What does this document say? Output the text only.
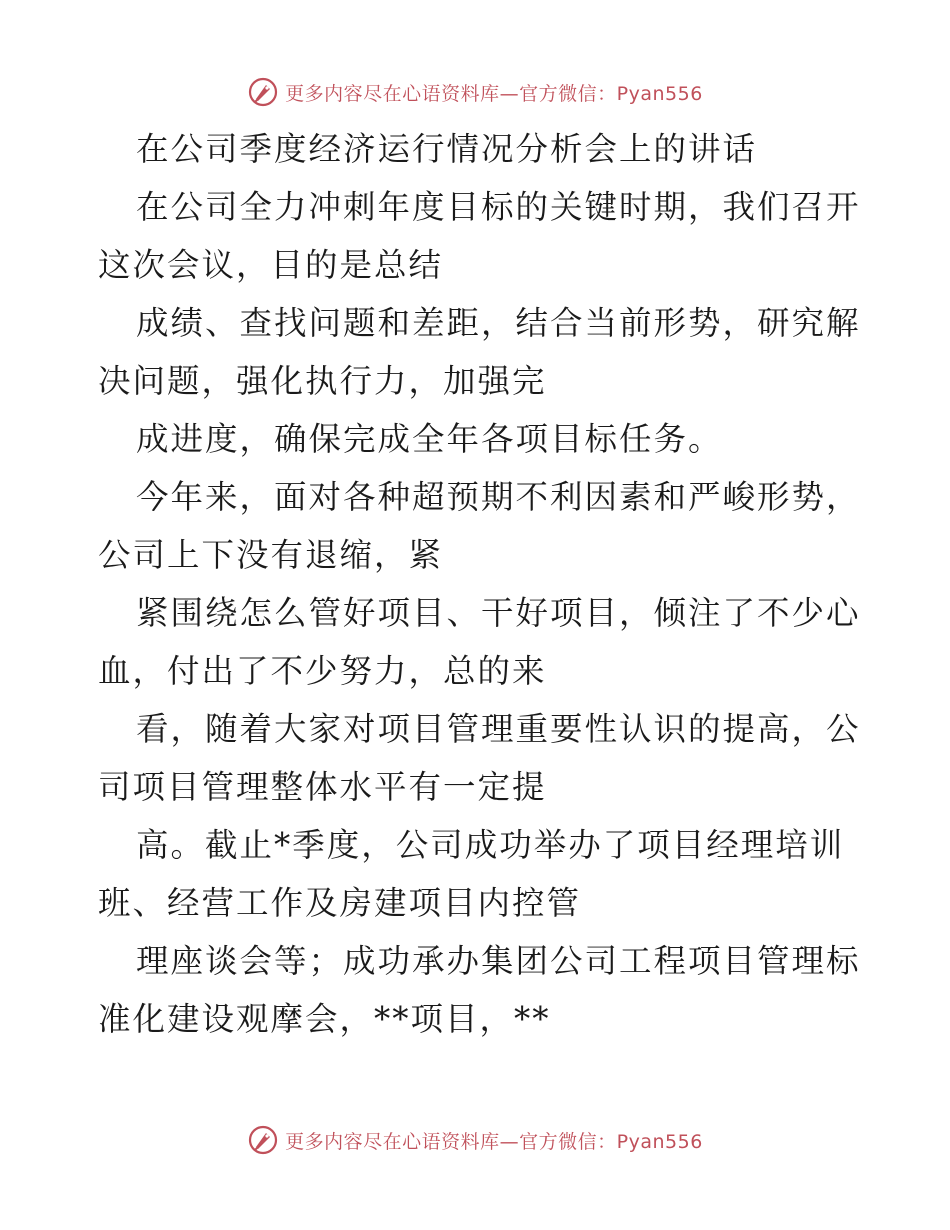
更多内容尽在心语资料库—官方微信：Pyan556
在公司季度经济运行情况分析会上的讲话
在公司全力冲刺年度目标的关键时期，我们召开
这次会议，目的是总结
成绩、查找问题和差距，结合当前形势，研究解
决问题，强化执行力，加强完
成进度，确保完成全年各项目标任务。
今年来，面对各种超预期不利因素和严峻形势，
公司上下没有退缩，紧
紧围绕怎么管好项目、干好项目，倾注了不少心
血，付出了不少努力，总的来
看，随着大家对项目管理重要性认识的提高，公
司项目管理整体水平有一定提
高。截止*季度，公司成功举办了项目经理培训
班、经营工作及房建项目内控管
理座谈会等；成功承办集团公司工程项目管理标
准化建设观摩会，**项目，**
更多内容尽在心语资料库—官方微信：Pyan556
